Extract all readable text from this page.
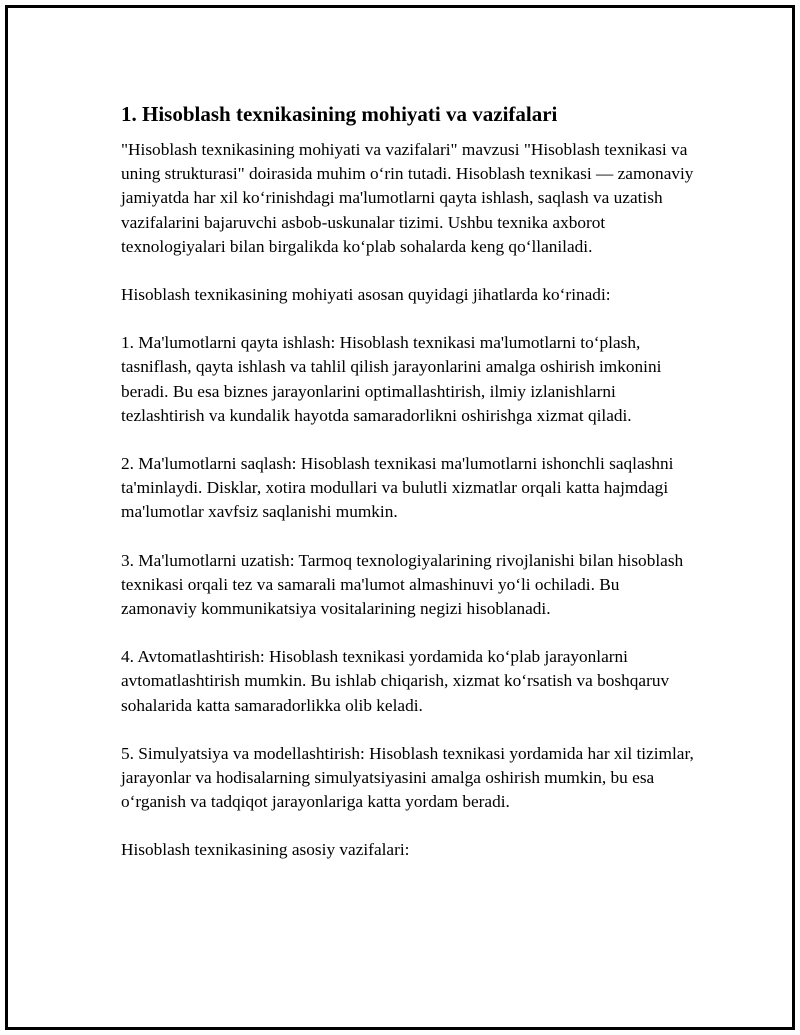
1. Hisoblash texnikasining mohiyati va vazifalari

"Hisoblash texnikasining mohiyati va vazifalari" mavzusi "Hisoblash texnikasi va uning strukturasi" doirasida muhim oʻrin tutadi. Hisoblash texnikasi — zamonaviy jamiyatda har xil koʻrinishdagi ma'lumotlarni qayta ishlash, saqlash va uzatish vazifalarini bajaruvchi asbob-uskunalar tizimi. Ushbu texnika axborot texnologiyalari bilan birgalikda koʻplab sohalarda keng qoʻllaniladi.

Hisoblash texnikasining mohiyati asosan quyidagi jihatlarda koʻrinadi:

1. Ma'lumotlarni qayta ishlash: Hisoblash texnikasi ma'lumotlarni toʻplash, tasniflash, qayta ishlash va tahlil qilish jarayonlarini amalga oshirish imkonini beradi. Bu esa biznes jarayonlarini optimallashtirish, ilmiy izlanishlarni tezlashtirish va kundalik hayotda samaradorlikni oshirishga xizmat qiladi.

2. Ma'lumotlarni saqlash: Hisoblash texnikasi ma'lumotlarni ishonchli saqlashni ta'minlaydi. Disklar, xotira modullari va bulutli xizmatlar orqali katta hajmdagi ma'lumotlar xavfsiz saqlanishi mumkin.

3. Ma'lumotlarni uzatish: Tarmoq texnologiyalarining rivojlanishi bilan hisoblash texnikasi orqali tez va samarali ma'lumot almashinuvi yoʻli ochiladi. Bu zamonaviy kommunikatsiya vositalarining negizi hisoblanadi.

4. Avtomatlashtirish: Hisoblash texnikasi yordamida koʻplab jarayonlarni avtomatlashtirish mumkin. Bu ishlab chiqarish, xizmat koʻrsatish va boshqaruv sohalarida katta samaradorlikka olib keladi.

5. Simulyatsiya va modellashtirish: Hisoblash texnikasi yordamida har xil tizimlar, jarayonlar va hodisalarning simulyatsiyasini amalga oshirish mumkin, bu esa oʻrganish va tadqiqot jarayonlariga katta yordam beradi.

Hisoblash texnikasining asosiy vazifalari:
